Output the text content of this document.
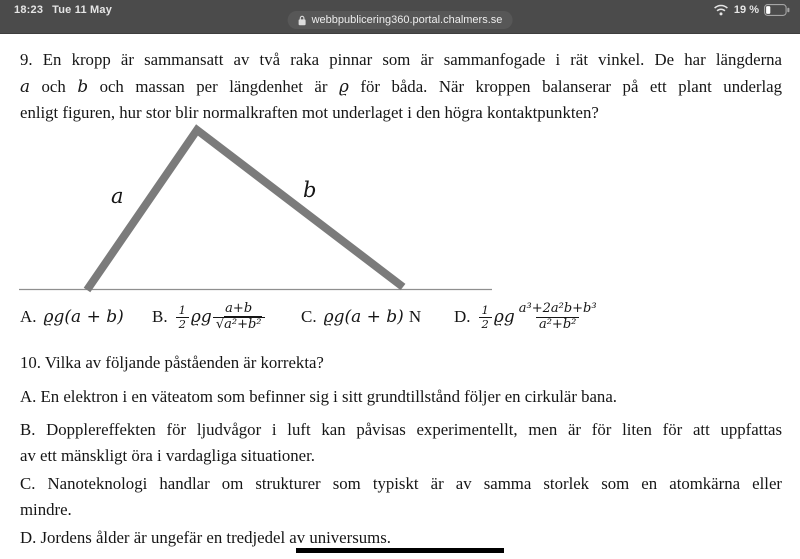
18:23 Tue 11 May
webbpublicering360.portal.chalmers.se
19 %
9. En kropp är sammansatt av två raka pinnar som är sammanfogade i rät vinkel. De har längderna
a och b och massan per längdenhet är ϱ för båda. När kroppen balanserar på ett plant underlag
enligt figuren, hur stor blir normalkraften mot underlaget i den högra kontaktpunkten?
a	b
A. ϱg(a + b) B. $\frac{1}{2}$ ϱg $\frac{a+b}{\text{√a²+b²}} C$. ϱg(a + b) N D. $\frac{1}{2}$ ϱg $\frac{\text{a³+2a²b+b³}}{\text{a²+b²}}$
10. Vilka av följande påståenden är korrekta?
A. En elektron i en väteatom som befinner sig i sitt grundtillstånd följer en cirkulär bana.
B. Dopplereffekten för ljudvågor i luft kan påvisas experimentellt, men är för liten för att uppfattas
av ett mänskligt öra i vardagliga situationer.
C. Nanoteknologi handlar om strukturer som typiskt är av samma storlek som en atomkärna eller
mindre.
D. Jordens ålder är ungefär en tredjedel av universums.
